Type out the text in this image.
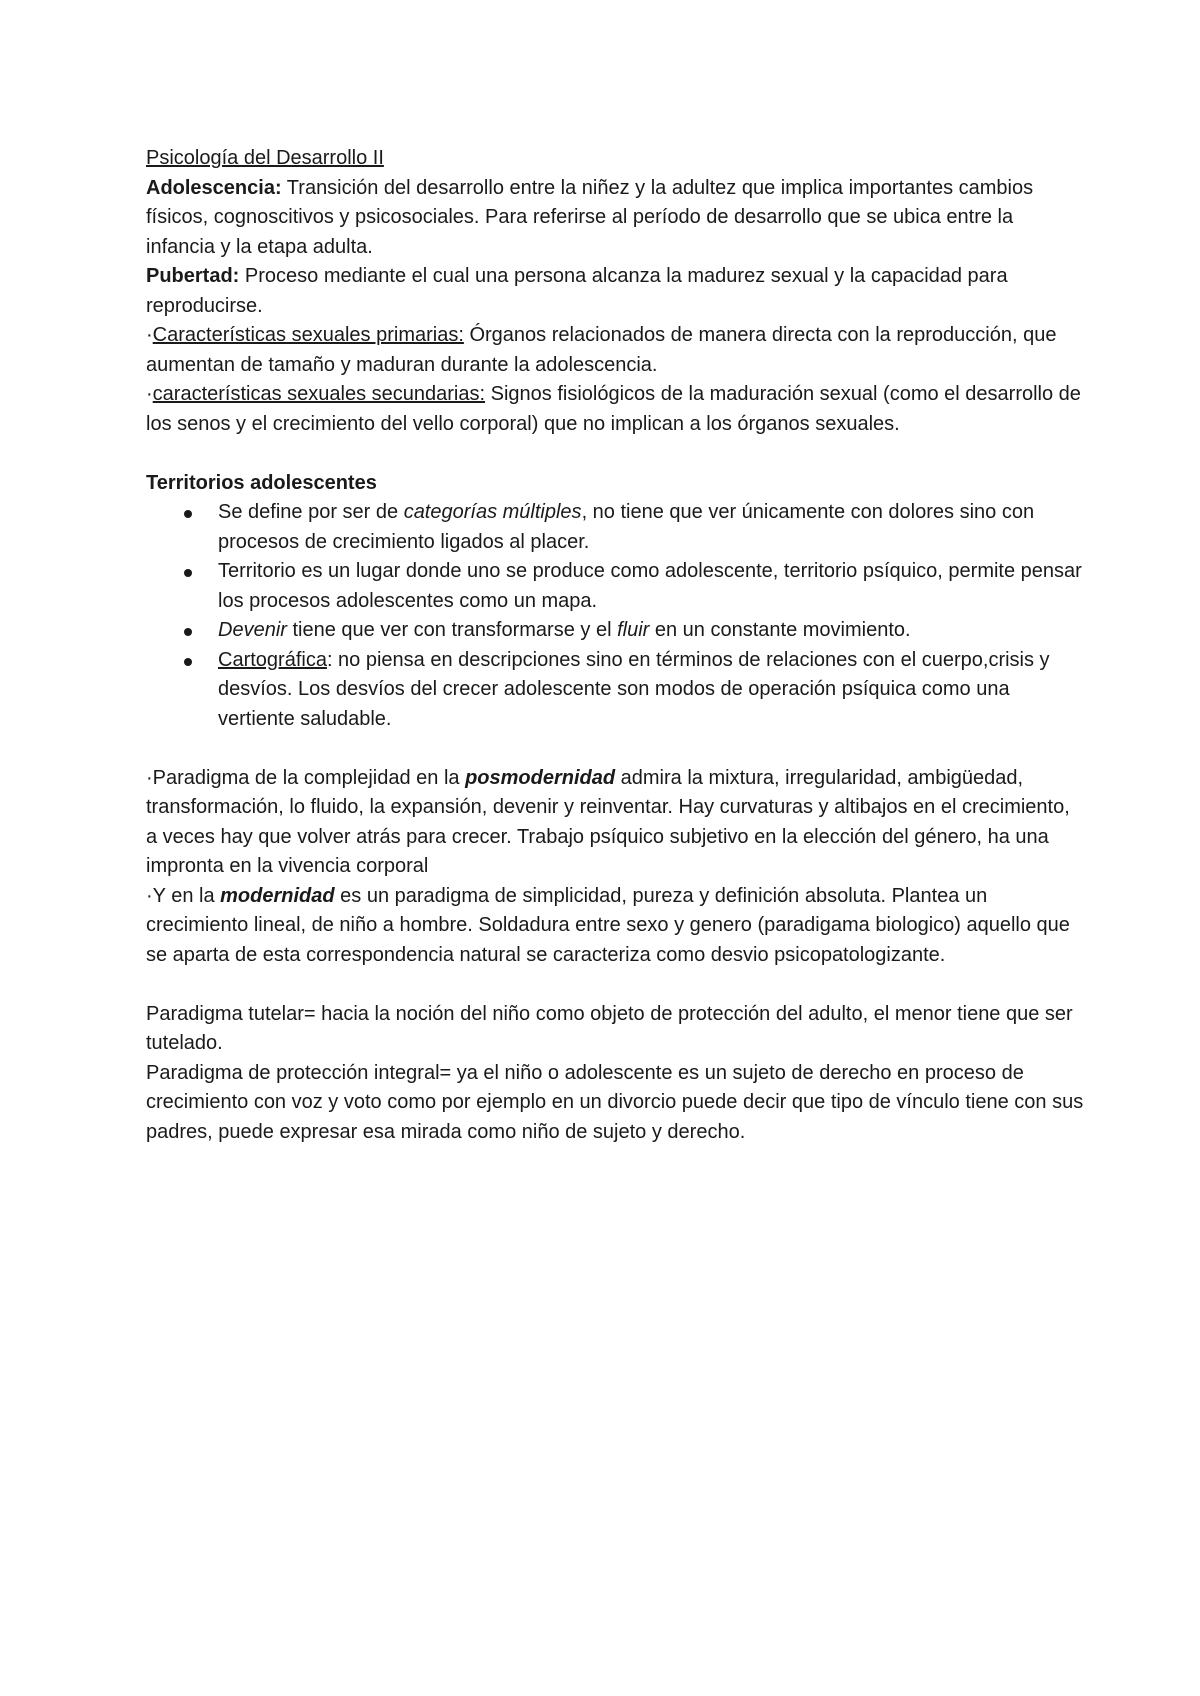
Psicología del Desarrollo II

Adolescencia: Transición del desarrollo entre la niñez y la adultez que implica importantes cambios físicos, cognoscitivos y psicosociales. Para referirse al período de desarrollo que se ubica entre la infancia y la etapa adulta.

Pubertad: Proceso mediante el cual una persona alcanza la madurez sexual y la capacidad para reproducirse.

·Características sexuales primarias: Órganos relacionados de manera directa con la reproducción, que aumentan de tamaño y maduran durante la adolescencia.

·características sexuales secundarias: Signos fisiológicos de la maduración sexual (como el desarrollo de los senos y el crecimiento del vello corporal) que no implican a los órganos sexuales.

Territorios adolescentes

Se define por ser de categorías múltiples, no tiene que ver únicamente con dolores sino con procesos de crecimiento ligados al placer.
Territorio es un lugar donde uno se produce como adolescente, territorio psíquico, permite pensar los procesos adolescentes como un mapa.
Devenir tiene que ver con transformarse y el fluir en un constante movimiento.
Cartográfica: no piensa en descripciones sino en términos de relaciones con el cuerpo,crisis y desvíos. Los desvíos del crecer adolescente son modos de operación psíquica como una vertiente saludable.

·Paradigma de la complejidad en la posmodernidad admira la mixtura, irregularidad, ambigüedad, transformación, lo fluido, la expansión, devenir y reinventar. Hay curvaturas y altibajos en el crecimiento, a veces hay que volver atrás para crecer. Trabajo psíquico subjetivo en la elección del género, ha una impronta en la vivencia corporal

·Y en la modernidad es un paradigma de simplicidad, pureza y definición absoluta. Plantea un crecimiento lineal, de niño a hombre. Soldadura entre sexo y genero (paradigama biologico) aquello que se aparta de esta correspondencia natural se caracteriza como desvio psicopatologizante.

Paradigma tutelar= hacia la noción del niño como objeto de protección del adulto, el menor tiene que ser tutelado.

Paradigma de protección integral= ya el niño o adolescente es un sujeto de derecho en proceso de crecimiento con voz y voto como por ejemplo en un divorcio puede decir que tipo de vínculo tiene con sus padres, puede expresar esa mirada como niño de sujeto y derecho.
